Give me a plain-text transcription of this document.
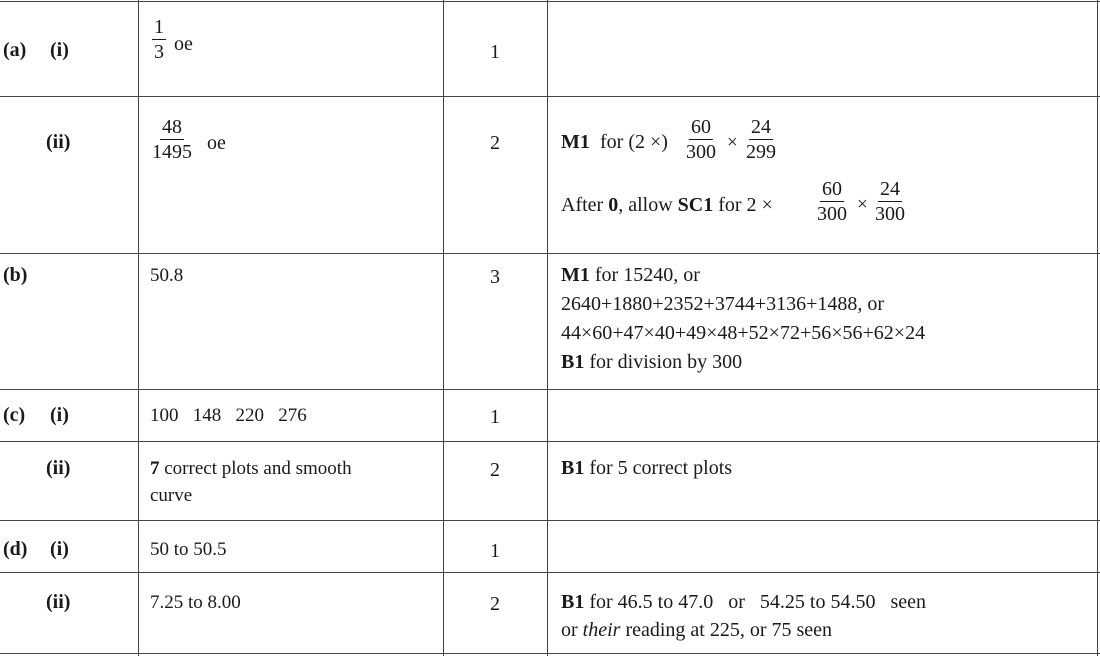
(a) (i)	$\frac{1}{3}$ oe	1
(ii)	$\frac{48}{1495}$ oe	2	M1 for (2 ×) $\frac{60}{300} \times \frac{24}{299}$
After 0, allow SC1 for $2 \times \frac{60}{300} \times \frac{24}{300}$
(b)	50.8	3	M1 for 15240, or
2640+1880+2352+3744+3136+1488, or
44×60+47×40+49×48+52×72+56×56+62×24
B1 for division by 300
(c) (i)	100   148   220   276	1
(ii)	7 correct plots and smooth
curve
2	B1 for 5 correct plots
(d) (i)	50 to 50.5	1
(ii)	7.25 to 8.00	2	B1 for 46.5 to 47.0   or   54.25 to 54.50   seen
or their reading at 225, or 75 seen
